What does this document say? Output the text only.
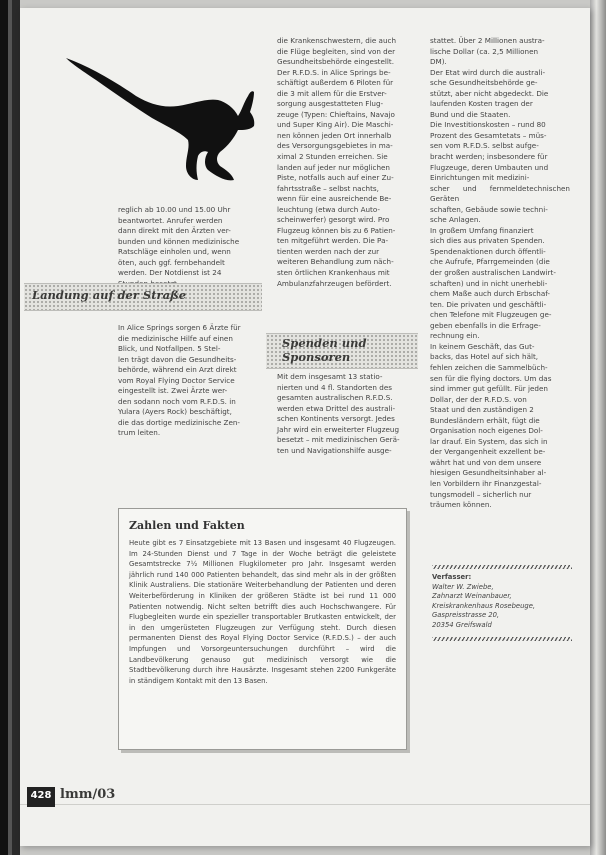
reglich ab 10.00 und 15.00 Uhr

beantwortet. Anrufer werden

dann direkt mit den Ärzten ver-

bunden und können medizinische

Ratschläge einholen und, wenn

öten, auch ggf. fernbehandelt

werden. Der Notdienst ist 24

Landung auf der Straße

In Alice Springs sorgen 6 Ärzte für

die medizinische Hilfe auf einen

Blick, und Notfallpen. 5 Stel-

len trägt davon die Gesundheits-

behörde, während ein Arzt direkt

vom Royal Flying Doctor Service

eingestellt ist. Zwei Ärzte wer-

den sodann noch vom R.F.D.S. in

Yulara (Ayers Rock) beschäftigt,

die das dortige medizinische Zen-

trum leiten.

die Krankenschwestern, die auch

die Flüge begleiten, sind von der

Gesundheitsbehörde eingestellt.

Der R.F.D.S. in Alice Springs be-

schäftigt außerdem 6 Piloten für

die 3 mit allem für die Erstver-

sorgung ausgestatteten Flug-

zeuge (Typen: Chieftains, Navajo

und Super King Air). Die Maschi-

nen können jeden Ort innerhalb

des Versorgungsgebietes in ma-

ximal 2 Stunden erreichen. Sie

landen auf jeder nur möglichen

Piste, notfalls auch auf einer Zu-

fahrtsstraße – selbst nachts,

wenn für eine ausreichende Be-

leuchtung (etwa durch Auto-

scheinwerfer) gesorgt wird. Pro

Flugzeug können bis zu 6 Patien-

ten mitgeführt werden. Die Pa-

tienten werden nach der zur

weiteren Behandlung zum näch-

sten örtlichen Krankenhaus mit

Ambulanzfahrzeugen befördert.

Spenden und
Sponsoren

Mit dem insgesamt 13 statio-

nierten und 4 fl. Standorten des

gesamten australischen R.F.D.S.

werden etwa Drittel des australi-

schen Kontinents versorgt. Jedes

Jahr wird ein erweiterter Flugzeug

besetzt – mit medizinischen Gerä-

ten und Navigationshilfe ausge-

stattet. Über 2 Millionen austra-

lische Dollar (ca. 2,5 Millionen

DM).

Der Etat wird durch die australi-

sche Gesundheitsbehörde ge-

stützt, aber nicht abgedeckt. Die

laufenden Kosten tragen der

Bund und die Staaten.

Die Investitionskosten – rund 80

Prozent des Gesamtetats – müs-

sen vom R.F.D.S. selbst aufge-

bracht werden; insbesondere für

Flugzeuge, deren Umbauten und

Einrichtungen mit medizini-

scher und fernmeldetechnischen Geräten

schaften, Gebäude sowie techni-

sche Anlagen.

In großem Umfang finanziert

sich dies aus privaten Spenden.

Spendenaktionen durch öffentli-

che Aufrufe, Pfarrgemeinden (die

der großen australischen Landwirt-

schaften) und in nicht unerhebli-

chem Maße auch durch Erbschaf-

ten. Die privaten und geschäftli-

chen Telefone mit Flugzeugen ge-

geben ebenfalls in die Erfrage-

rechnung ein.

In keinem Geschäft, das Gut-

backs, das Hotel auf sich hält,

fehlen zeichen die Sammelbüch-

sen für die flying doctors. Um das

sind immer gut gefüllt. Für jeden

Dollar, der der R.F.D.S. von

Staat und den zuständigen 2

Bundesländern erhält, fügt die

Organisation noch eigenes Dol-

lar drauf. Ein System, das sich in

der Vergangenheit exzellent be-

währt hat und von dem unsere

hiesigen Gesundheitsinhaber al-

len Vorbildern ihr Finanzgestal-

tungsmodell – sicherlich nur

träumen können.

Zahlen und Fakten
Heute gibt es 7 Einsatzgebiete mit 13 Basen und insgesamt 40 Flugzeugen. Im 24-Stunden Dienst und 7 Tage in der Woche beträgt die geleistete Gesamtstrecke 7½ Millionen Flugkilometer pro Jahr. Insgesamt werden jährlich rund 140 000 Patienten behandelt, das sind mehr als in der größten Klinik Australiens. Die stationäre Weiterbehandlung der Patienten und deren Weiterbeförderung in Kliniken der größeren Städte ist bei rund 11 000 Patienten notwendig. Nicht selten betrifft dies auch Hochschwangere. Für Flugbegleiten wurde ein spezieller transportabler Brutkasten entwickelt, der in den umgerüsteten Flugzeugen zur Verfügung steht. Durch diesen permanenten Dienst des Royal Flying Doctor Service (R.F.D.S.) – der auch Impfungen und Vorsorgeuntersuchungen durchführt – wird die Landbevölkerung genauso gut medizinisch versorgt wie die Stadtbevölkerung durch ihre Hausärzte. Insgesamt stehen 2200 Funkgeräte in ständigem Kontakt mit den 13 Basen.
Verfasser:
Walter W. Zwiebe,
Zahnarzt Weinanbauer,
Kreiskrankenhaus Rosebeuge,
Gaspreisstrasse 20,
20354 Greifswald
428 lmm/03
